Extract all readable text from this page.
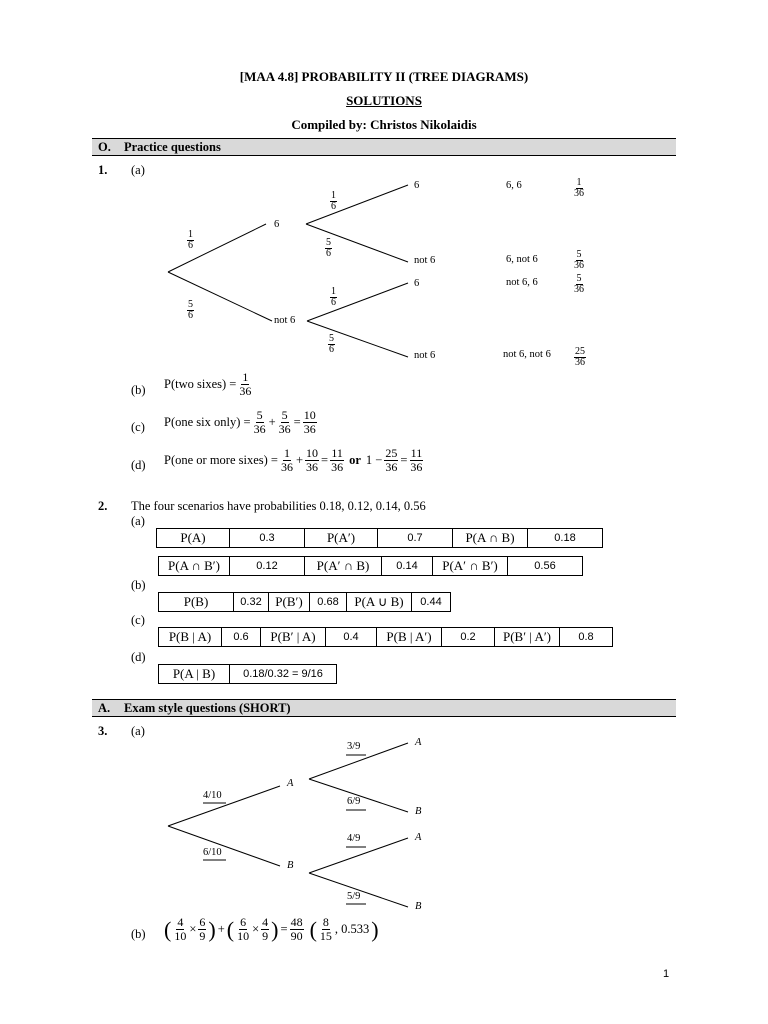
[MAA 4.8] PROBABILITY II (TREE DIAGRAMS)
SOLUTIONS
Compiled by: Christos Nikolaidis
O. Practice questions
1. (a)
$\frac{1}{6}$
$\frac{5}{6}$
6
not 6
$\frac{1}{6}$
$\frac{5}{6}$
$\frac{1}{6}$
$\frac{5}{6}$
6
not 6
6
not 6
6, 6
6, not 6
not 6, 6
not 6, not 6
$\frac{1}{36}$
$\frac{5}{36}$
$\frac{5}{36}$
$\frac{25}{36}$
(b) P(two sixes) = $\frac{1}{36}$
(c) P(one six only) = $\frac{5}{36} + \frac{5}{36} = \frac{10}{36}$
(d) P(one or more sixes) = $\frac{1}{36} + \frac{10}{36} = \frac{11}{36}$ or $1 - \frac{25}{36} = \frac{11}{36}$
2. The four scenarios have probabilities 0.18, 0.12, 0.14, 0.56
(a)
P(A)	0.3	P(A′)	0.7	P(A ∩ B)	0.18
P(A ∩ B′)	0.12	P(A′ ∩ B)	0.14	P(A′ ∩ B′)	0.56
(b)
P(B)	0.32	P(B′)	0.68	P(A ∪ B)	0.44
(c)
P(B | A)	0.6	P(B′ | A)	0.4	P(B | A′)	0.2	P(B′ | A′)	0.8
(d)
P(A | B)	0.18/0.32 = 9/16
A. Exam style questions (SHORT)
3. (a)
4/10
6/10
A
B
3/9
6/9
4/9
5/9
A
B
A
B
(b) ( $\frac{4}{10} \times \frac{6}{9}$ ) + ( $\frac{6}{10} \times \frac{4}{9}$ ) = $\frac{48}{90}$ ( $\frac{8}{15}$ , 0.533 )
1
